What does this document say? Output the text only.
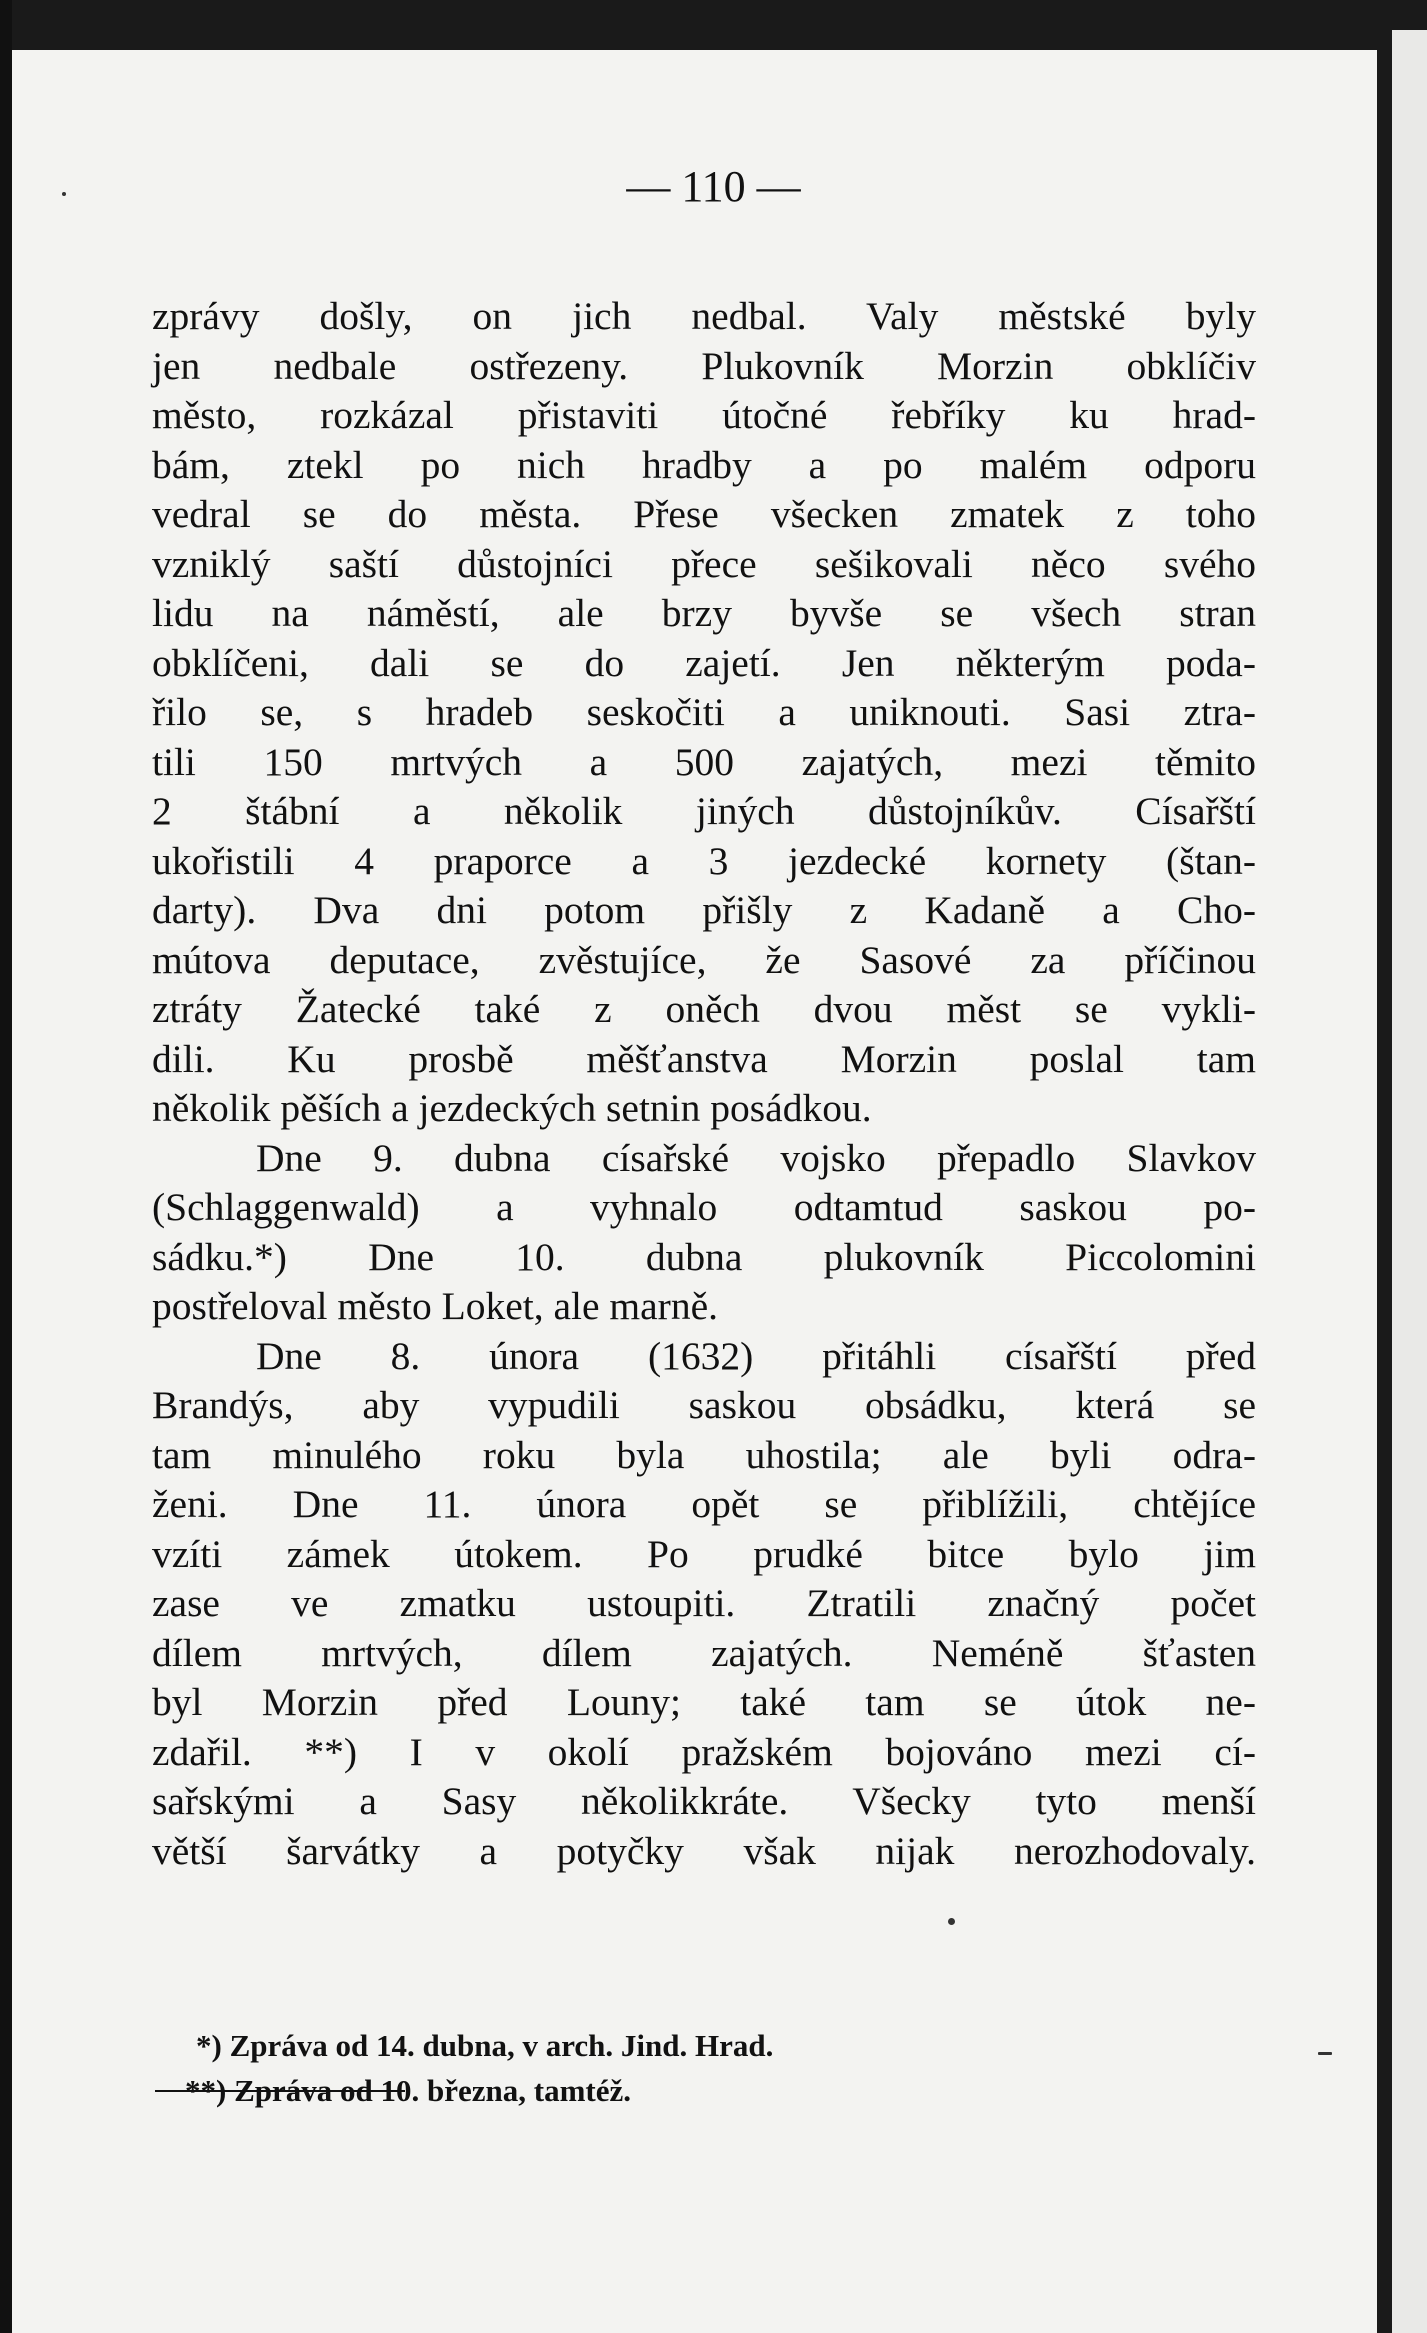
— 110 —
zprávy došly, on jich nedbal. Valy městské byly
jen nedbale ostřezeny. Plukovník Morzin obklíčiv
město, rozkázal přistaviti útočné řebříky ku hrad-
bám, ztekl po nich hradby a po malém odporu
vedral se do města. Přese všecken zmatek z toho
vzniklý saští důstojníci přece sešikovali něco svého
lidu na náměstí, ale brzy byvše se všech stran
obklíčeni, dali se do zajetí. Jen některým poda-
řilo se, s hradeb seskočiti a uniknouti. Sasi ztra-
tili 150 mrtvých a 500 zajatých, mezi těmito
2 štábní a několik jiných důstojníkův. Císařští
ukořistili 4 praporce a 3 jezdecké kornety (štan-
darty). Dva dni potom přišly z Kadaně a Cho-
mútova deputace, zvěstujíce, že Sasové za příčinou
ztráty Žatecké také z oněch dvou měst se vykli-
dili. Ku prosbě měšťanstva Morzin poslal tam
několik pěších a jezdeckých setnin posádkou.
Dne 9. dubna císařské vojsko přepadlo Slavkov
(Schlaggenwald) a vyhnalo odtamtud saskou po-
sádku.*) Dne 10. dubna plukovník Piccolomini
postřeloval město Loket, ale marně.
Dne 8. února (1632) přitáhli císařští před
Brandýs, aby vypudili saskou obsádku, která se
tam minulého roku byla uhostila; ale byli odra-
ženi. Dne 11. února opět se přiblížili, chtějíce
vzíti zámek útokem. Po prudké bitce bylo jim
zase ve zmatku ustoupiti. Ztratili značný počet
dílem mrtvých, dílem zajatých. Neméně šťasten
byl Morzin před Louny; také tam se útok ne-
zdařil. **) I v okolí pražském bojováno mezi cí-
sařskými a Sasy několikkráte. Všecky tyto menší
větší šarvátky a potyčky však nijak nerozhodovaly.
*) Zpráva od 14. dubna, v arch. Jind. Hrad.
**) Zpráva od 10. března, tamtéž.
